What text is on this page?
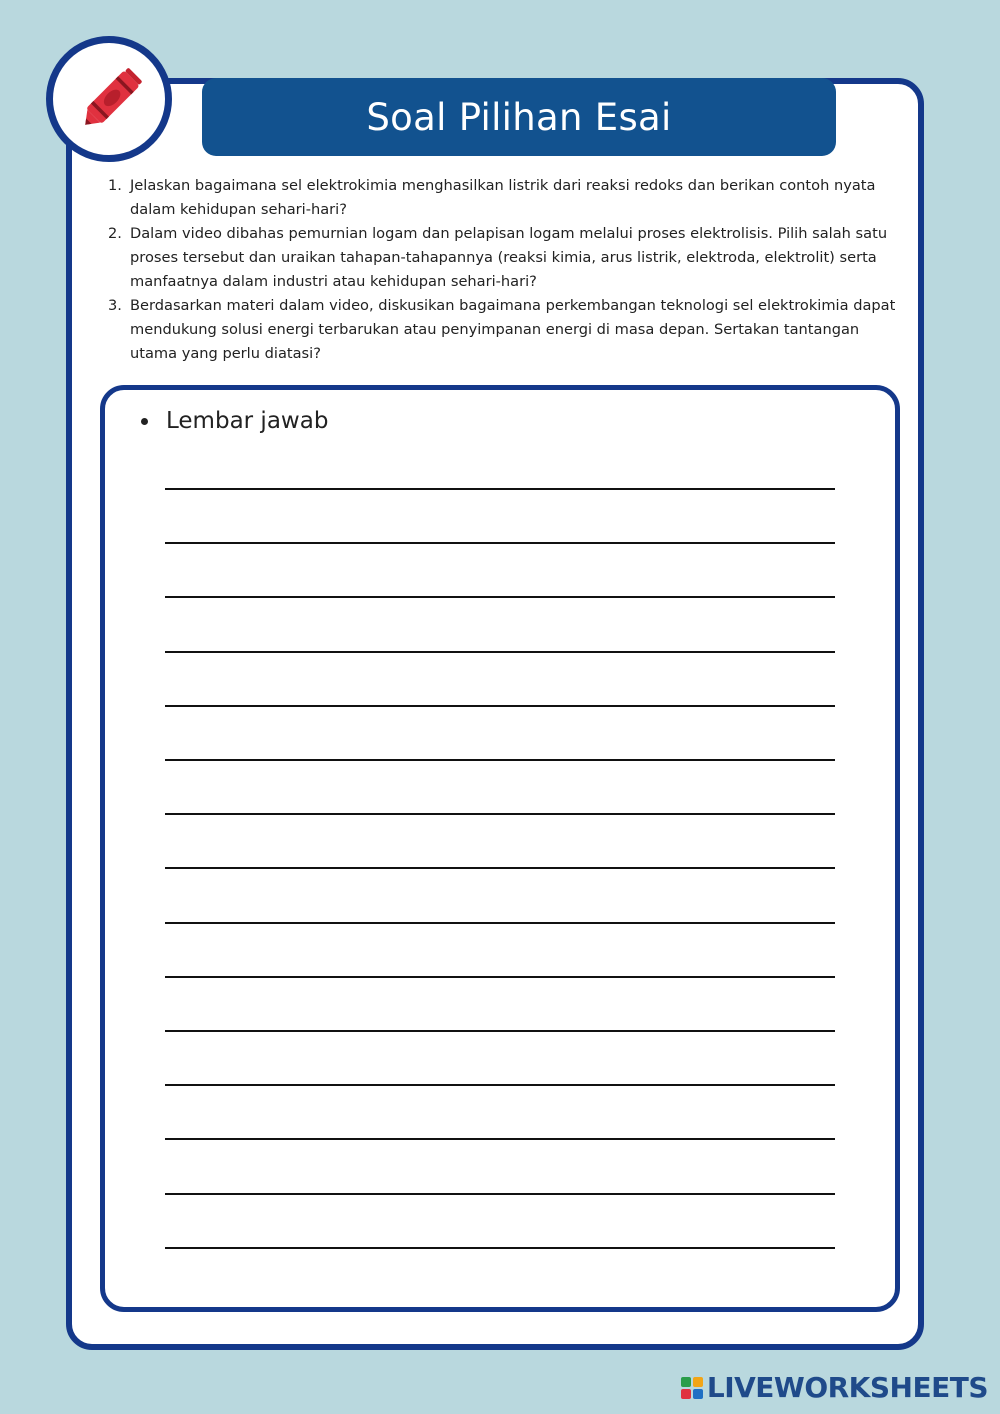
Soal Pilihan Esai
1. Jelaskan bagaimana sel elektrokimia menghasilkan listrik dari reaksi redoks dan berikan contoh nyata dalam kehidupan sehari-hari?
2. Dalam video dibahas pemurnian logam dan pelapisan logam melalui proses elektrolisis. Pilih salah satu proses tersebut dan uraikan tahapan-tahapannya (reaksi kimia, arus listrik, elektroda, elektrolit) serta manfaatnya dalam industri atau kehidupan sehari-hari?
3. Berdasarkan materi dalam video, diskusikan bagaimana perkembangan teknologi sel elektrokimia dapat mendukung solusi energi terbarukan atau penyimpanan energi di masa depan. Sertakan tantangan utama yang perlu diatasi?
Lembar jawab
LIVEWORKSHEETS
